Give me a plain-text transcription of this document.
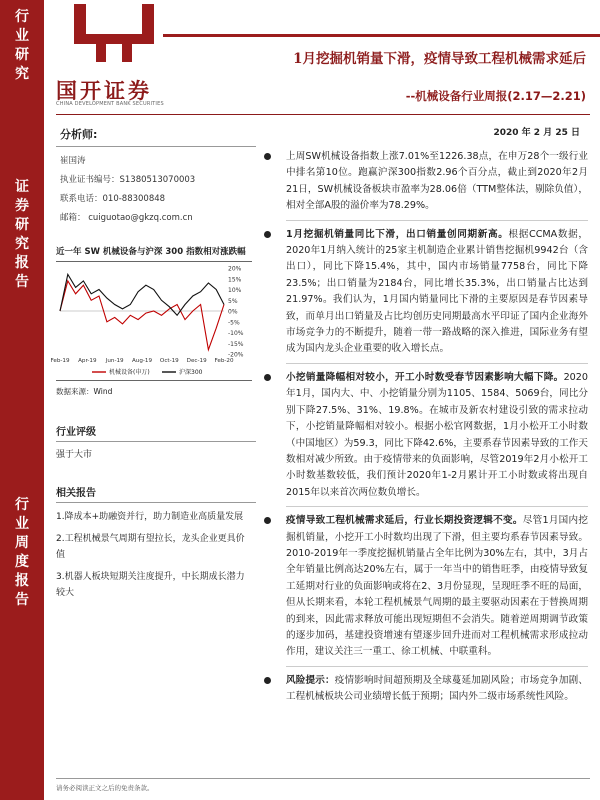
行
业
研
究
证
券
研
究
报
告
行
业
周
度
报
告
国开证券
CHINA DEVELOPMENT BANK SECURITIES
1月挖掘机销量下滑，疫情导致工程机械需求延后
--机械设备行业周报(2.17—2.21)
2020 年 2 月 25 日
分析师:
崔国涛
执业证书编号：S1380513070003
联系电话：010-88300848
邮箱： cuiguotao@gkzq.com.cn
近一年 SW 机械设备与沪深 300 指数相对涨跌幅
20%
15%
10%
5%
0%
-5%
-10%
-15%
-20%
Feb-19 Apr-19 Jun-19 Aug-19 Oct-19 Dec-19 Feb-20
机械设备(申万)	沪深300
数据来源：Wind
行业评级
强于大市
相关报告
1.降成本+助融资并行，助力制造业高质量发展
2.工程机械景气周期有望拉长，龙头企业更具价值
3.机器人板块短期关注度提升，中长期成长潜力较大
上周SW机械设备指数上涨7.01%至1226.38点，在申万28个一级行业中排名第10位。跑赢沪深300指数2.96个百分点，截止到2020年2月21日，SW机械设备板块市盈率为28.06倍（TTM整体法，剔除负值），相对全部A股的溢价率为78.29%。
1月挖掘机销量同比下滑，出口销量创同期新高。根据CCMA数据，2020年1月纳入统计的25家主机制造企业累计销售挖掘机9942台（含出口），同比下降15.4%，其中，国内市场销量7758台，同比下降23.5%；出口销量为2184台，同比增长35.3%，出口销量占比达到21.97%。我们认为，1月国内销量同比下滑的主要原因是春节因素导致，而单月出口销量及占比均创历史同期最高水平印证了国内企业海外市场竞争力的不断提升，随着一带一路战略的深入推进，国际业务有望成为国内龙头企业重要的收入增长点。
小挖销量降幅相对较小，开工小时数受春节因素影响大幅下降。2020年1月，国内大、中、小挖销量分别为1105、1584、5069台，同比分别下降27.5%、31%、19.8%。在城市及新农村建设引致的需求拉动下，小挖销量降幅相对较小。根据小松官网数据，1月小松开工小时数（中国地区）为59.3，同比下降42.6%，主要系春节因素导致的工作天数相对减少所致。由于疫情带来的负面影响，尽管2019年2月小松开工小时数基数较低，我们预计2020年1-2月累计开工小时数或将出现自2015年以来首次两位数负增长。
疫情导致工程机械需求延后，行业长期投资逻辑不变。尽管1月国内挖掘机销量，小挖开工小时数均出现了下滑，但主要均系春节因素导致。2010-2019年一季度挖掘机销量占全年比例为30%左右，其中，3月占全年销量比例高达20%左右，属于一年当中的销售旺季，由疫情导致复工延期对行业的负面影响或将在2、3月份显现，呈现旺季不旺的局面，但从长期来看，本轮工程机械景气周期的最主要驱动因素在于替换周期的到来，因此需求释放可能出现短期但不会消失。随着逆周期调节政策的逐步加码，基建投资增速有望逐步回升进而对工程机械需求形成拉动作用，建议关注三一重工、徐工机械、中联重科。
风险提示：疫情影响时间超预期及全球蔓延加剧风险；市场竞争加剧、工程机械板块公司业绩增长低于预期；国内外二级市场系统性风险。
请务必阅读正文之后的免责条款。
